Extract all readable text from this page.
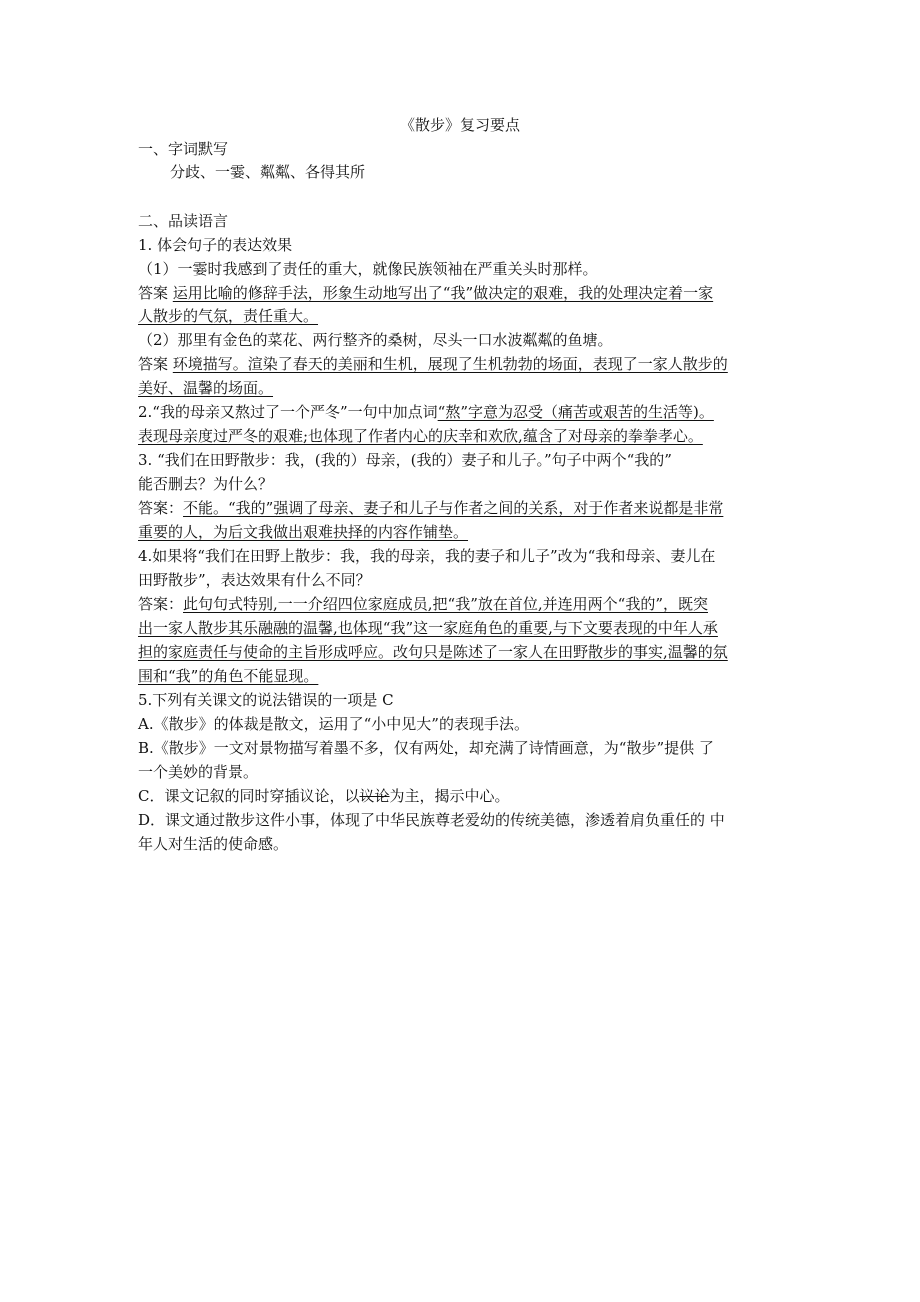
《散步》复习要点
一、字词默写
分歧、一霎、粼粼、各得其所
二、品读语言
1. 体会句子的表达效果
（1）一霎时我感到了责任的重大，就像民族领袖在严重关头时那样。
答案 运用比喻的修辞手法，形象生动地写出了“我”做决定的艰难，我的处理决定着一家
人散步的气氛，责任重大。
（2）那里有金色的菜花、两行整齐的桑树，尽头一口水波粼粼的鱼塘。
答案 环境描写。渲染了春天的美丽和生机，展现了生机勃勃的场面，表现了一家人散步的
美好、温馨的场面。
2.“我的母亲又熬过了一个严冬”一句中加点词“熬”字意为忍受（痛苦或艰苦的生活等)。
表现母亲度过严冬的艰难;也体现了作者内心的庆幸和欢欣,蕴含了对母亲的拳拳孝心。
3. “我们在田野散步：我，(我的）母亲，(我的）妻子和儿子。”句子中两个“我的”
能否删去？为什么？
答案：不能。“我的”强调了母亲、妻子和儿子与作者之间的关系，对于作者来说都是非常
重要的人，为后文我做出艰难抉择的内容作铺垫。
4.如果将“我们在田野上散步：我，我的母亲，我的妻子和儿子”改为“我和母亲、妻儿在
田野散步”，表达效果有什么不同？
答案：此句句式特别,一一介绍四位家庭成员,把“我”放在首位,并连用两个“我的”，既突
出一家人散步其乐融融的温馨,也体现“我”这一家庭角色的重要,与下文要表现的中年人承
担的家庭责任与使命的主旨形成呼应。改句只是陈述了一家人在田野散步的事实,温馨的氛
围和“我”的角色不能显现。
5.下列有关课文的说法错误的一项是 C
A.《散步》的体裁是散文，运用了“小中见大”的表现手法。
B.《散步》一文对景物描写着墨不多，仅有两处，却充满了诗情画意，为“散步”提供 了
一个美妙的背景。
C．课文记叙的同时穿插议论，以议论为主，揭示中心。
D．课文通过散步这件小事，体现了中华民族尊老爱幼的传统美德，渗透着肩负重任的 中
年人对生活的使命感。
